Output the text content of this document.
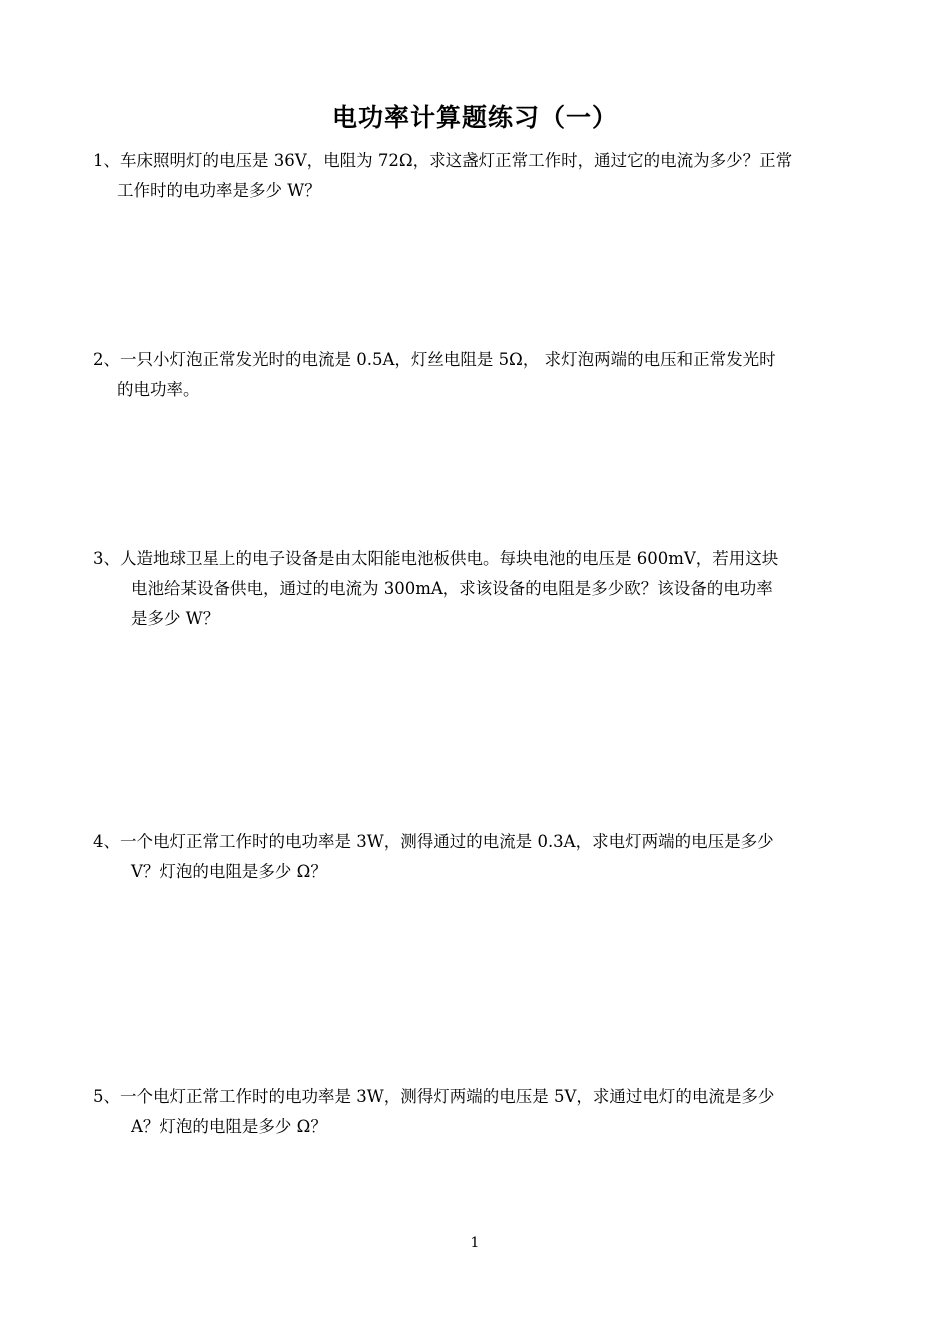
电功率计算题练习（一）
1、车床照明灯的电压是 36V，电阻为 72Ω，求这盏灯正常工作时，通过它的电流为多少？正常
工作时的电功率是多少 W？
2、一只小灯泡正常发光时的电流是 0.5A，灯丝电阻是 5Ω， 求灯泡两端的电压和正常发光时
的电功率。
3、人造地球卫星上的电子设备是由太阳能电池板供电。每块电池的电压是 600mV，若用这块
电池给某设备供电，通过的电流为 300mA，求该设备的电阻是多少欧？该设备的电功率
是多少 W？
4、一个电灯正常工作时的电功率是 3W，测得通过的电流是 0.3A，求电灯两端的电压是多少
V？灯泡的电阻是多少 Ω？
5、一个电灯正常工作时的电功率是 3W，测得灯两端的电压是 5V，求通过电灯的电流是多少
A？灯泡的电阻是多少 Ω？
1
